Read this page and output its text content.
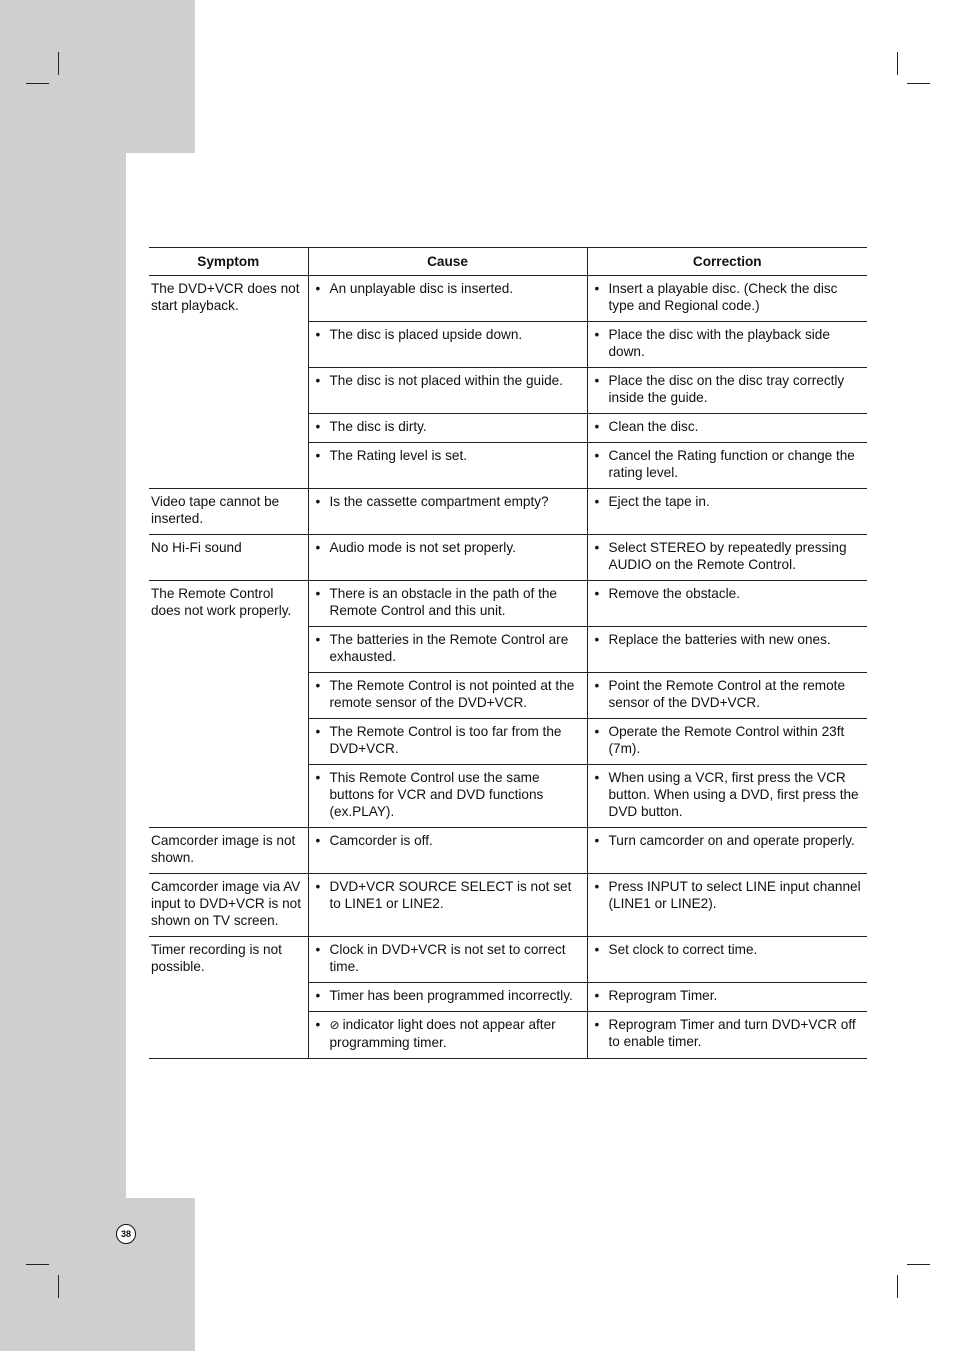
Symptom	Cause	Correction
The DVD+VCR does not start playback.	• An unplayable disc is inserted.	• Insert a playable disc. (Check the disc type and Regional code.)

	• The disc is placed upside down.	• Place the disc with the playback side down.

	• The disc is not placed within the guide.	• Place the disc on the disc tray correctly inside the guide.

	• The disc is dirty.	• Clean the disc.

	• The Rating level is set.	• Cancel the Rating function or change the rating level.

Video tape cannot be inserted.	• Is the cassette compartment empty?	• Eject the tape in.

No Hi-Fi sound	• Audio mode is not set properly.	• Select STEREO by repeatedly pressing AUDIO on the Remote Control.

The Remote Control does not work properly.	• There is an obstacle in the path of the Remote Control and this unit.	• Remove the obstacle.

	• The batteries in the Remote Control are exhausted.	• Replace the batteries with new ones.

	• The Remote Control is not pointed at the remote sensor of the DVD+VCR.	• Point the Remote Control at the remote sensor of the DVD+VCR.

	• The Remote Control is too far from the DVD+VCR.	• Operate the Remote Control within 23ft (7m).

	• This Remote Control use the same buttons for VCR and DVD functions (ex.PLAY).	• When using a VCR, first press the VCR button. When using a DVD, first press the DVD button.

Camcorder image is not shown.	• Camcorder is off.	• Turn camcorder on and operate properly.

Camcorder image via AV input to DVD+VCR is not shown on TV screen.	• DVD+VCR SOURCE SELECT is not set to LINE1 or LINE2.	• Press INPUT to select LINE input channel (LINE1 or LINE2).

Timer recording is not possible.	• Clock in DVD+VCR is not set to correct time.	• Set clock to correct time.

	• Timer has been programmed incorrectly.	• Reprogram Timer.

	• ⊘ indicator light does not appear after programming timer.	• Reprogram Timer and turn DVD+VCR off to enable timer.
38
